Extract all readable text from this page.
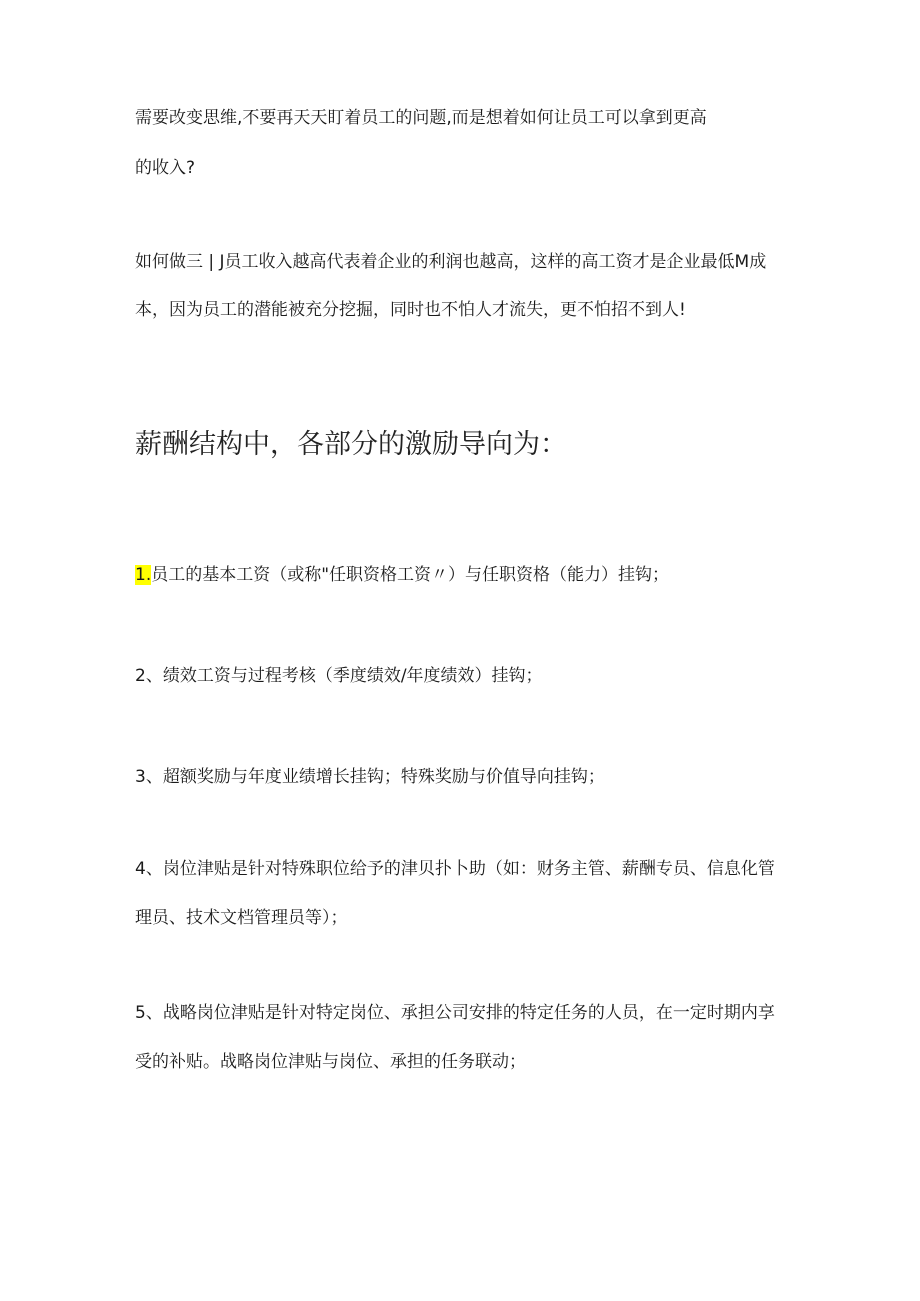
需要改变思维,不要再天天盯着员工的问题,而是想着如何让员工可以拿到更高
的收入?
如何做三 | J员工收入越高代表着企业的利润也越高，这样的高工资才是企业最低M成
本，因为员工的潜能被充分挖掘，同时也不怕人才流失，更不怕招不到人!
薪酬结构中，各部分的激励导向为：
1.员工的基本工资（或称"任职资格工资〃）与任职资格（能力）挂钩；
2、绩效工资与过程考核（季度绩效/年度绩效）挂钩；
3、超额奖励与年度业绩增长挂钩；特殊奖励与价值导向挂钩；
4、岗位津贴是针对特殊职位给予的津贝扑卜助（如：财务主管、薪酬专员、信息化管
理员、技术文档管理员等）；
5、战略岗位津贴是针对特定岗位、承担公司安排的特定任务的人员，在一定时期内享
受的补贴。战略岗位津贴与岗位、承担的任务联动；
